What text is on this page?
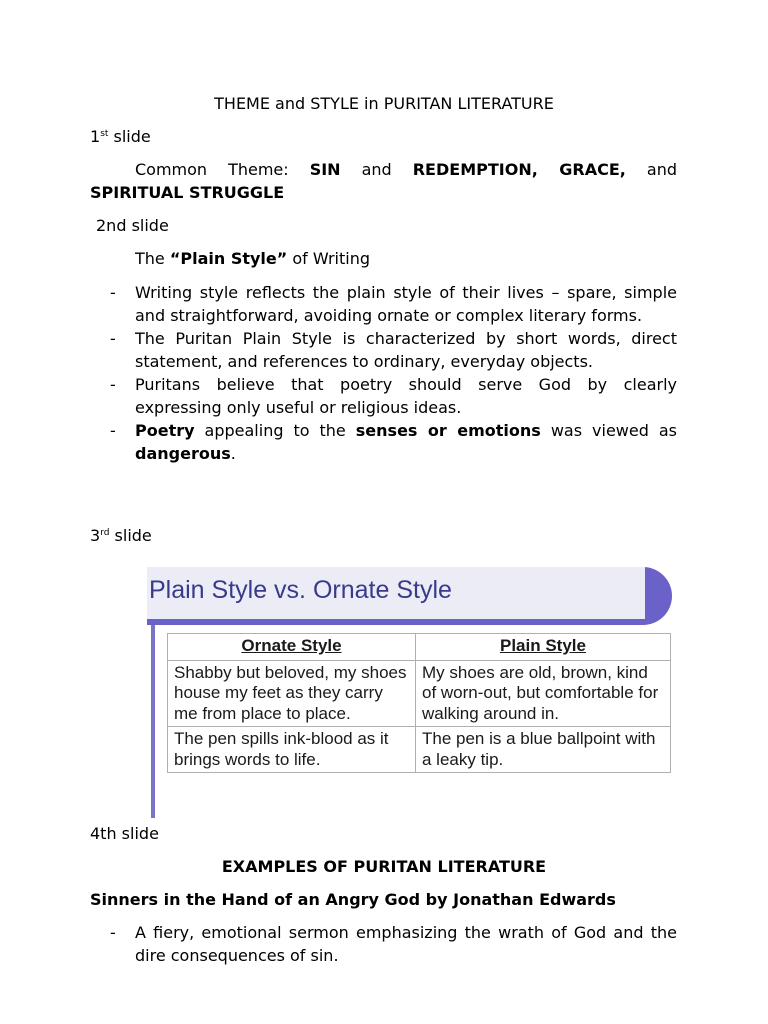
THEME and STYLE in PURITAN LITERATURE
1st slide
Common Theme: SIN and REDEMPTION, GRACE, and
SPIRITUAL STRUGGLE
2nd slide
The “Plain Style” of Writing
- Writing style reflects the plain style of their lives – spare, simple and straightforward, avoiding ornate or complex literary forms.
- The Puritan Plain Style is characterized by short words, direct statement, and references to ordinary, everyday objects.
- Puritans believe that poetry should serve God by clearly expressing only useful or religious ideas.
- Poetry appealing to the senses or emotions was viewed as dangerous.
3rd slide
Plain Style vs. Ornate Style
Ornate Style	Plain Style
Shabby but beloved, my shoes house my feet as they carry me from place to place.	My shoes are old, brown, kind of worn-out, but comfortable for walking around in.
The pen spills ink-blood as it brings words to life.	The pen is a blue ballpoint with a leaky tip.
4th slide
EXAMPLES OF PURITAN LITERATURE
Sinners in the Hand of an Angry God by Jonathan Edwards
- A fiery, emotional sermon emphasizing the wrath of God and the dire consequences of sin.
